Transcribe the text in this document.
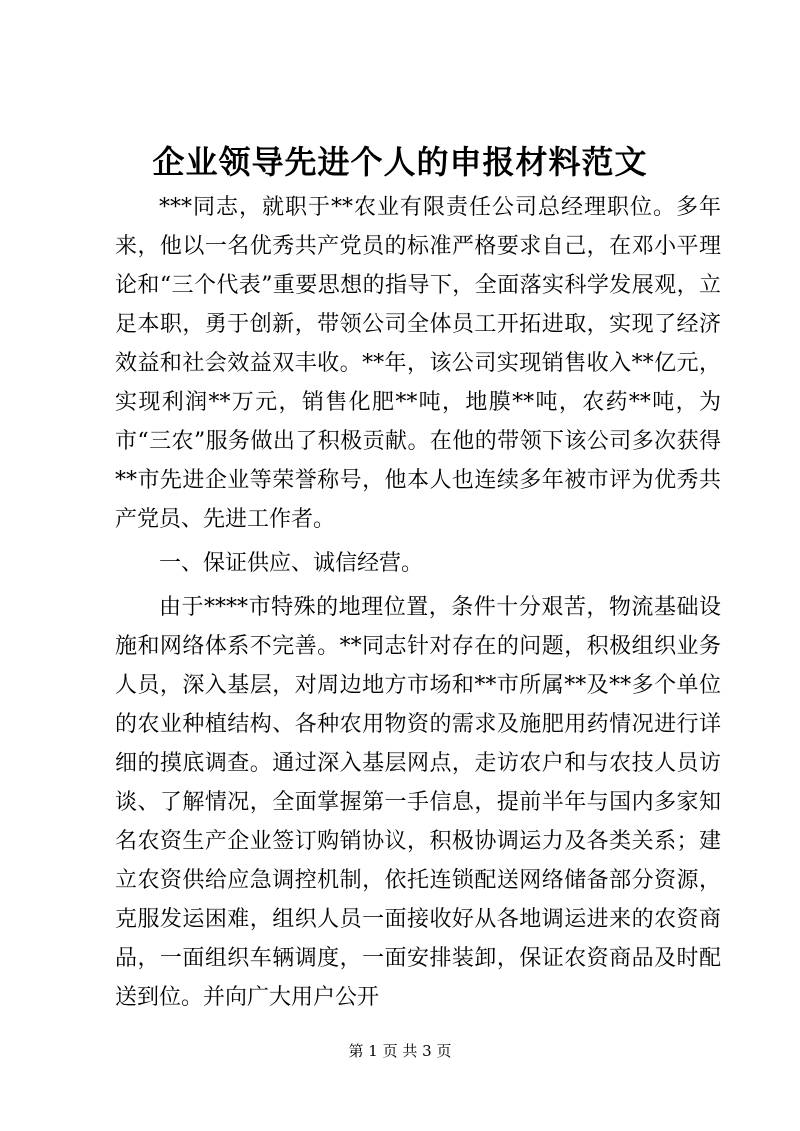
企业领导先进个人的申报材料范文

***同志，就职于**农业有限责任公司总经理职位。多年来，他以一名优秀共产党员的标准严格要求自己，在邓小平理论和“三个代表”重要思想的指导下，全面落实科学发展观，立足本职，勇于创新，带领公司全体员工开拓进取，实现了经济效益和社会效益双丰收。**年，该公司实现销售收入**亿元，实现利润**万元，销售化肥**吨，地膜**吨，农药**吨，为市“三农”服务做出了积极贡献。在他的带领下该公司多次获得**市先进企业等荣誉称号，他本人也连续多年被市评为优秀共产党员、先进工作者。

一、保证供应、诚信经营。

由于****市特殊的地理位置，条件十分艰苦，物流基础设施和网络体系不完善。**同志针对存在的问题，积极组织业务人员，深入基层，对周边地方市场和**市所属**及**多个单位的农业种植结构、各种农用物资的需求及施肥用药情况进行详细的摸底调查。通过深入基层网点，走访农户和与农技人员访谈、了解情况，全面掌握第一手信息，提前半年与国内多家知名农资生产企业签订购销协议，积极协调运力及各类关系；建立农资供给应急调控机制，依托连锁配送网络储备部分资源，克服发运困难，组织人员一面接收好从各地调运进来的农资商品，一面组织车辆调度，一面安排装卸，保证农资商品及时配送到位。并向广大用户公开

第 1 页 共 3 页
